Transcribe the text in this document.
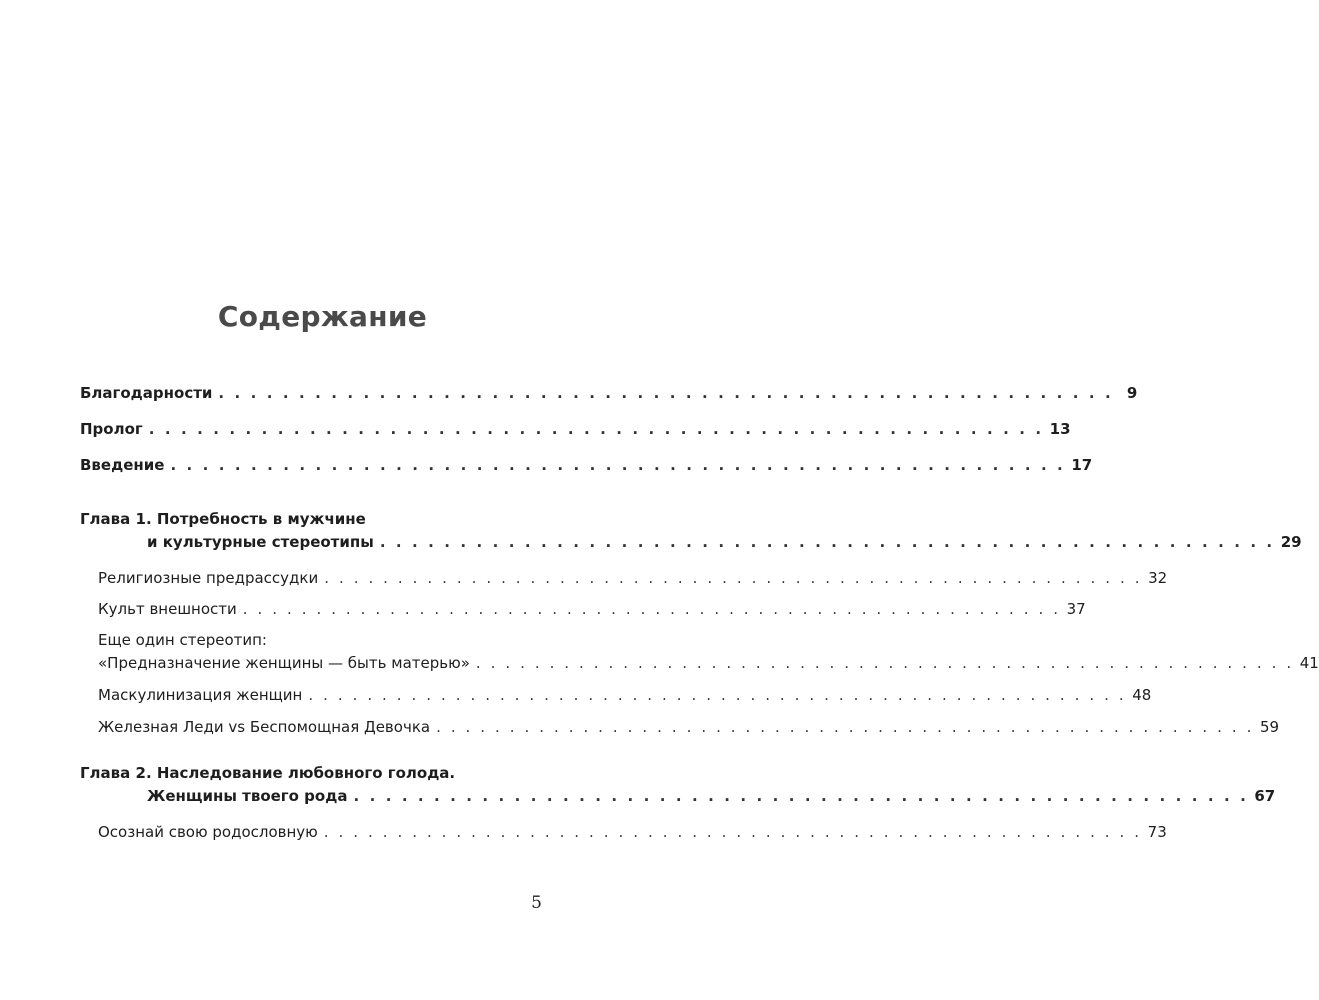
Содержание
Благодарности . . . . . . . . . . . . . . . . . . . . . . . . . . . . . . . . . . . . . . . . . . . . . . . . . . . . . . . . 9
Пролог . . . . . . . . . . . . . . . . . . . . . . . . . . . . . . . . . . . . . . . . . . . . . . . . . . . . . . . . 13
Введение . . . . . . . . . . . . . . . . . . . . . . . . . . . . . . . . . . . . . . . . . . . . . . . . . . . . . . . . 17
Глава 1. Потребность в мужчине
и культурные стереотипы . . . . . . . . . . . . . . . . . . . . . . . . . . . . . . . . . . . . . . . . . . . . . . . . . . . . . . . . 29
Религиозные предрассудки . . . . . . . . . . . . . . . . . . . . . . . . . . . . . . . . . . . . . . . . . . . . . . . . . . . . . . . . 32
Культ внешности . . . . . . . . . . . . . . . . . . . . . . . . . . . . . . . . . . . . . . . . . . . . . . . . . . . . . . . . 37
Еще один стереотип:
«Предназначение женщины — быть матерью» . . . . . . . . . . . . . . . . . . . . . . . . . . . . . . . . . . . . . . . . . . . . . . . . . . . . . . . . 41
Маскулинизация женщин . . . . . . . . . . . . . . . . . . . . . . . . . . . . . . . . . . . . . . . . . . . . . . . . . . . . . . . . 48
Железная Леди vs Беспомощная Девочка . . . . . . . . . . . . . . . . . . . . . . . . . . . . . . . . . . . . . . . . . . . . . . . . . . . . . . . . 59
Глава 2. Наследование любовного голода.
Женщины твоего рода . . . . . . . . . . . . . . . . . . . . . . . . . . . . . . . . . . . . . . . . . . . . . . . . . . . . . . . . 67
Осознай свою родословную . . . . . . . . . . . . . . . . . . . . . . . . . . . . . . . . . . . . . . . . . . . . . . . . . . . . . . . . 73
5
